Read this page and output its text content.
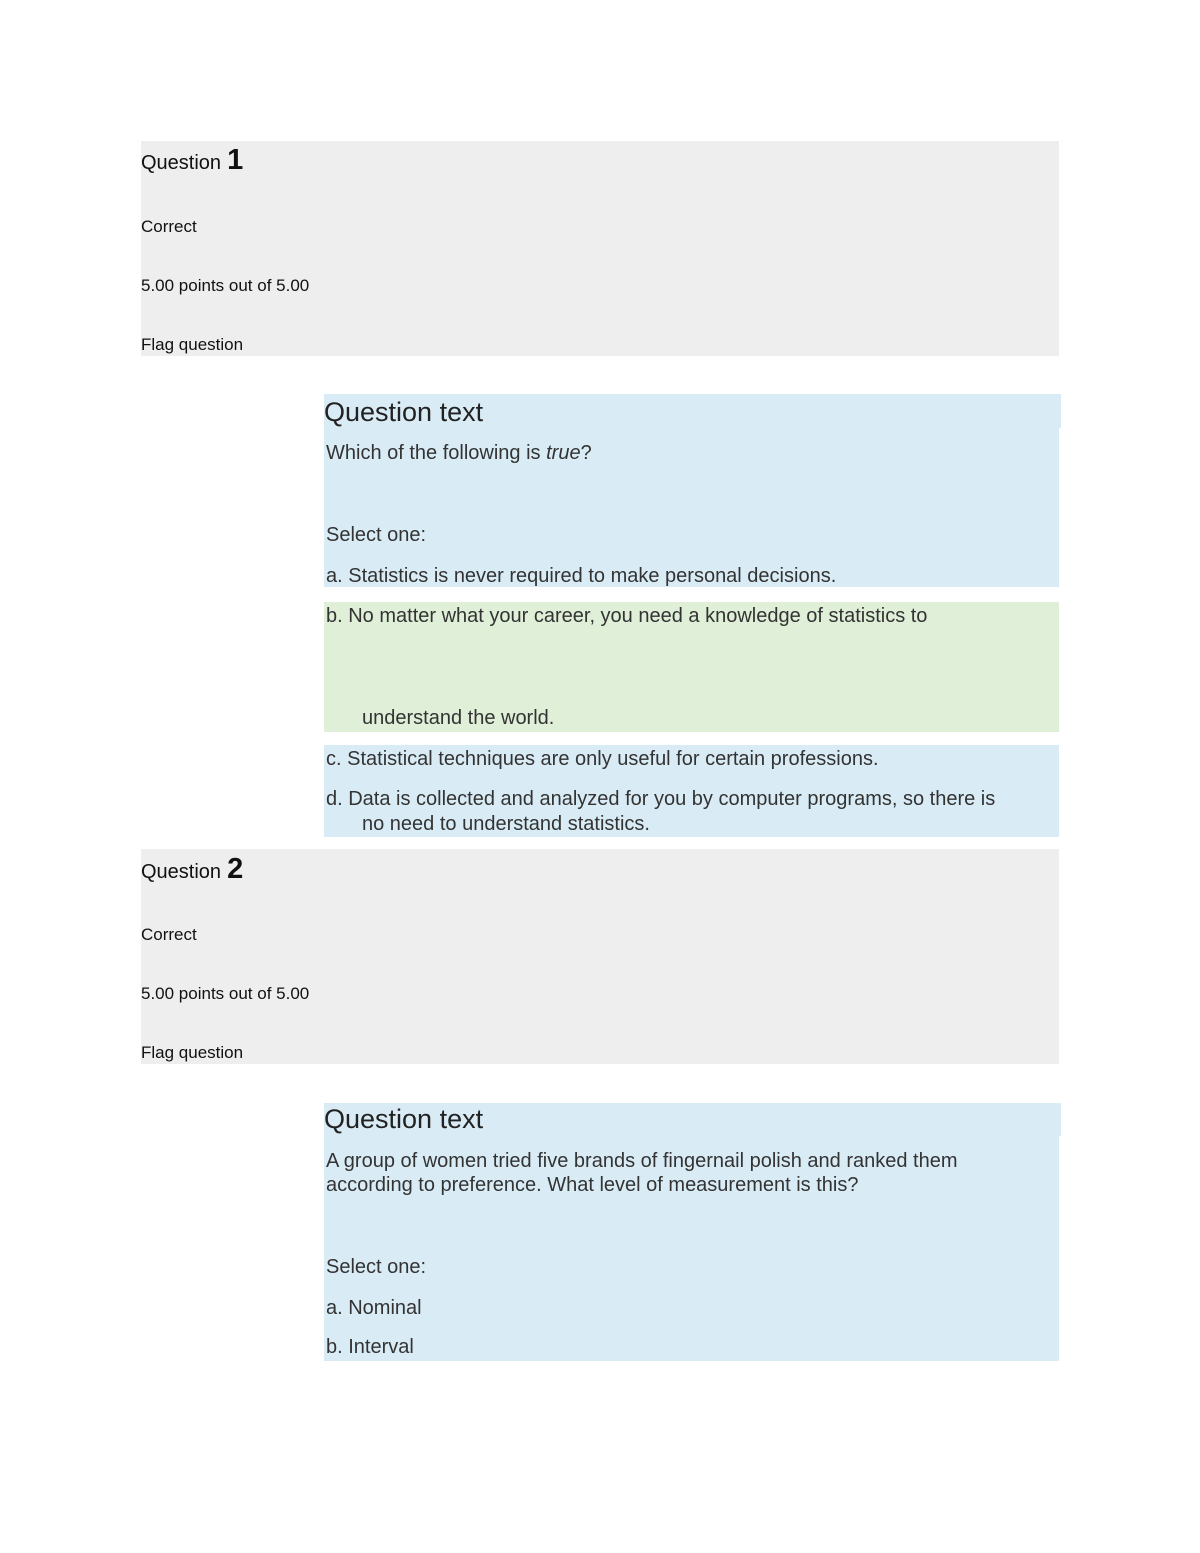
Question 1
Correct
5.00 points out of 5.00
Flag question
Question text
Which of the following is true?
Select one:
a. Statistics is never required to make personal decisions.
b. No matter what your career, you need a knowledge of statistics to
understand the world.
c. Statistical techniques are only useful for certain professions.
d. Data is collected and analyzed for you by computer programs, so there is
no need to understand statistics.
Question 2
Correct
5.00 points out of 5.00
Flag question
Question text
A group of women tried five brands of fingernail polish and ranked them
according to preference. What level of measurement is this?
Select one:
a. Nominal
b. Interval
